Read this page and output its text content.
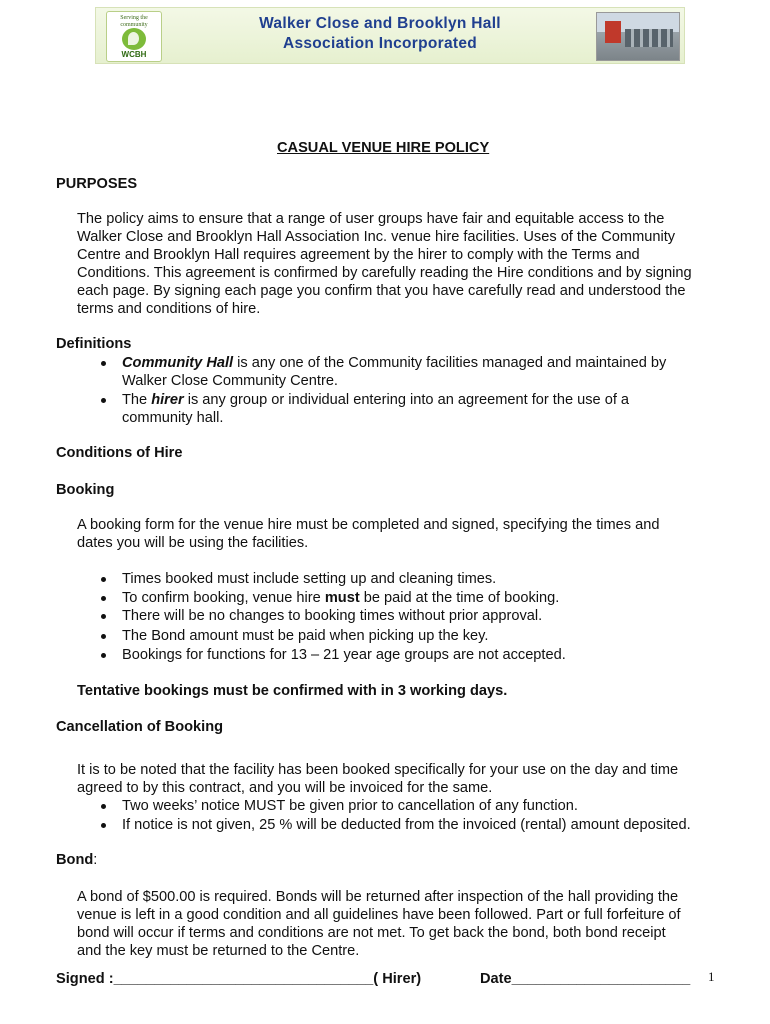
Serving the community
WCBH
Walker Close and Brooklyn Hall
Association Incorporated
CASUAL VENUE HIRE POLICY
PURPOSES
The policy aims to ensure that a range of user groups have fair and equitable access to the
Walker Close and Brooklyn Hall Association Inc. venue hire facilities. Uses of the Community
Centre and Brooklyn Hall requires agreement by the hirer to comply with the Terms and
Conditions. This agreement is confirmed by carefully reading the Hire conditions and by signing
each page. By signing each page you confirm that you have carefully read and understood the
terms and conditions of hire.
Definitions
Community Hall is any one of the Community facilities managed and maintained by
Walker Close Community Centre.
The hirer is any group or individual entering into an agreement for the use of a
community hall.
Conditions of Hire
Booking
A booking form for the venue hire must be completed and signed, specifying the times and
dates you will be using the facilities.
Times booked must include setting up and cleaning times.
To confirm booking, venue hire must be paid at the time of booking.
There will be no changes to booking times without prior approval.
The Bond amount must be paid when picking up the key.
Bookings for functions for 13 – 21 year age groups are not accepted.
Tentative bookings must be confirmed with in 3 working days.
Cancellation of Booking
It is to be noted that the facility has been booked specifically for your use on the day and time
agreed to by this contract, and you will be invoiced for the same.
Two weeks’ notice MUST be given prior to cancellation of any function.
If notice is not given, 25 % will be deducted from the invoiced (rental) amount deposited.
Bond:
A bond of $500.00 is required. Bonds will be returned after inspection of the hall providing the
venue is left in a good condition and all guidelines have been followed. Part or full forfeiture of
bond will occur if terms and conditions are not met. To get back the bond, both bond receipt
and the key must be returned to the Centre.
Signed :________________________________( Hirer)	Date______________________ 1
